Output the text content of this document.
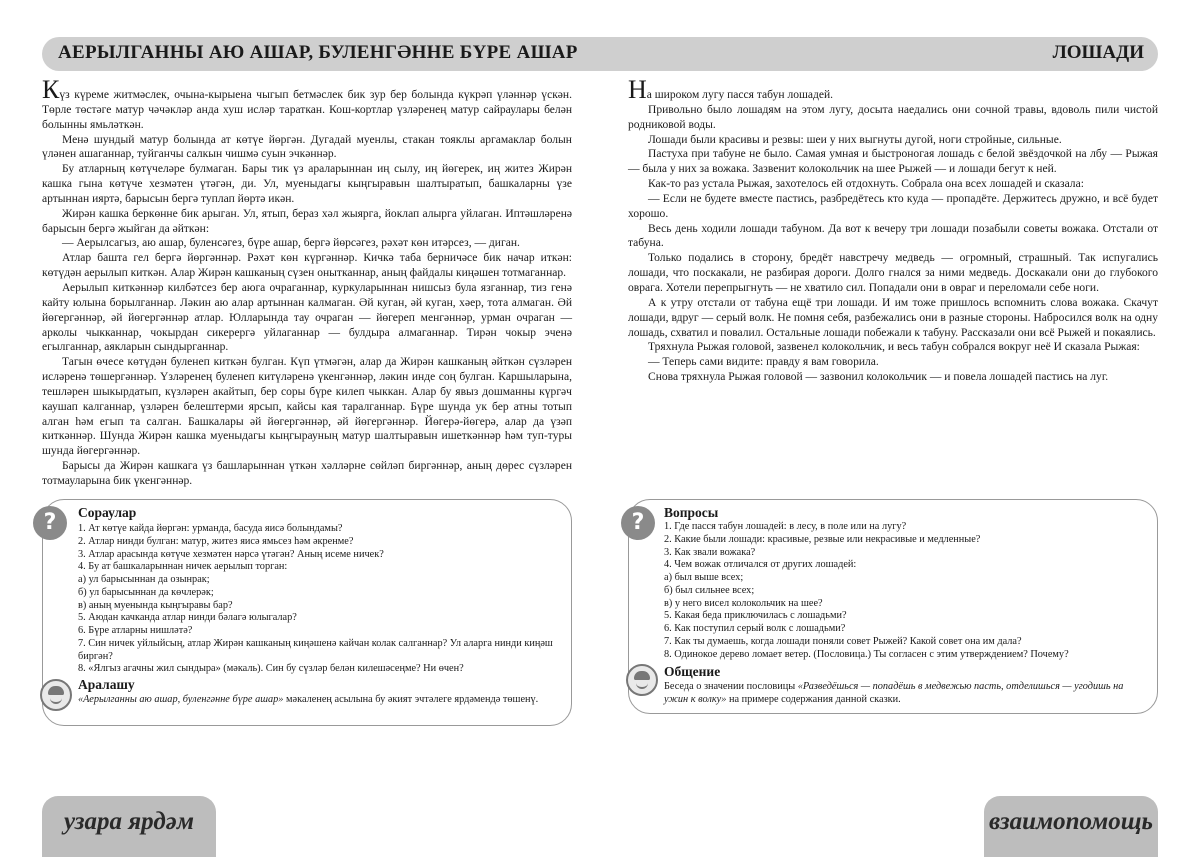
АЕРЫЛГАННЫ АЮ АШАР, БУЛЕНГӘННЕ БҮРЕ АШАР	ЛОШАДИ

Күз күреме житмәслек, очына-кырыена чыгып бетмәслек бик зур бер болында күкрәп үләннәр үскән. Төрле төстәге матур чәчәкләр анда хуш исләр тараткан. Кош-кортлар үзләренең матур сайраулары белән болынны ямьләткән.

Менә шундый матур болында ат көтүе йөргән. Дугадай муенлы, стакан тояклы аргамаклар болын үләнен ашаганнар, туйганчы салкын чишмә суын эчкәннәр.

Бу атларның көтүчеләре булмаган. Бары тик үз араларыннан иң сылу, иң йөгерек, иң житез Жирән кашка гына көтүче хезмәтен үтәгән, ди. Ул, муеныдагы кыңгыравын шалтыратып, башкаларны үзе артыннан ияртә, барысын бергә туплап йөртә икән.

Жирән кашка беркөнне бик арыган. Ул, ятып, бераз хәл жыярга, йоклап алырга уйлаган. Иптәшләренә барысын бергә жыйган да әйткән:

— Аерылсагыз, аю ашар, буленсәгез, бүре ашар, бергә йөрсәгез, рәхәт көн итәрсез, — диган.

Атлар башта гел бергә йөргәннәр. Рәхәт көн күргәннәр. Кичкә таба берничәсе бик начар иткән: көтүдән аерылып киткән. Алар Жирән кашканың сүзен онытканнар, аның файдалы киңәшен тотмаганнар.

Аерылып киткәннәр килбәтсез бер аюга очраганнар, куркуларыннан нишсыз була язганнар, тиз генә кайту юлына борылганнар. Ләкин аю алар артыннан калмаган. Әй куган, әй куган, хәер, тота алмаган. Әй йөгергәннәр, әй йөгергәннәр атлар. Юлларында тау очраган — йөгереп менгәннәр, урман очраган — арколы чыкканнар, чокырдан сикерергә уйлаганнар — булдыра алмаганнар. Тирән чокыр эченә егылганнар, аякларын сындырганнар.

Тагын өчесе көтүдән буленеп киткән булган. Күп үтмәгән, алар да Жирән кашканың әйткән сүзләрен исләренә төшергәннәр. Үзләренең буленеп китүләренә үкенгәннәр, ләкин инде соң булган. Каршыларына, тешләрен шыкырдатып, күзләрен акайтып, бер соры бүре килеп чыккан. Алар бу явыз дошманны күргәч каушап калганнар, үзләрен белештерми ярсып, кайсы кая таралганнар. Бүре шунда ук бер атны тотып алган һәм егып та салган. Башкалары әй йөгергәннәр, әй йөгергәннәр. Йөгерә-йөгерә, алар да үзәп киткәннәр. Шунда Жирән кашка муеныдагы кыңгырауның матур шалтыравын ишеткәннәр һәм туп-туры шунда йөгергәннәр.

Барысы да Жирән кашкага үз башларыннан үткән хәлләрне сөйләп биргәннәр, аның дөрес сүзләрен тотмауларына бик үкенгәннәр.

На широком лугу пасся табун лошадей.

Привольно было лошадям на этом лугу, досыта наедались они сочной травы, вдоволь пили чистой родниковой воды.

Лошади были красивы и резвы: шеи у них выгнуты дугой, ноги стройные, сильные.

Пастуха при табуне не было. Самая умная и быстроногая лошадь с белой звёздочкой на лбу — Рыжая — была у них за вожака. Зазвенит колокольчик на шее Рыжей — и лошади бегут к ней.

Как-то раз устала Рыжая, захотелось ей отдохнуть. Собрала она всех лошадей и сказала:

— Если не будете вместе пастись, разбредётесь кто куда — пропадёте. Держитесь дружно, и всё будет хорошо.

Весь день ходили лошади табуном. Да вот к вечеру три лошади позабыли советы вожака. Отстали от табуна.

Только подались в сторону, бредёт навстречу медведь — огромный, страшный. Так испугались лошади, что поскакали, не разбирая дороги. Долго гнался за ними медведь. Доскакали они до глубокого оврага. Хотели перепрыгнуть — не хватило сил. Попадали они в овраг и переломали себе ноги.

А к утру отстали от табуна ещё три лошади. И им тоже пришлось вспомнить слова вожака. Скачут лошади, вдруг — серый волк. Не помня себя, разбежались они в разные стороны. Набросился волк на одну лошадь, схватил и повалил. Остальные лошади побежали к табуну. Рассказали они всё Рыжей и покаялись.

Тряхнула Рыжая головой, зазвенел колокольчик, и весь табун собрался вокруг неё И сказала Рыжая:

— Теперь сами видите: правду я вам говорила.

Снова тряхнула Рыжая головой — зазвонил колокольчик — и повела лошадей пастись на луг.

?	Сораулар
1. Ат көтүе кайда йөргән: урманда, басуда яисә болындамы?
2. Атлар нинди булган: матур, житез яисә ямьсез һәм әкренме?
3. Атлар арасында көтүче хезмәтен нәрсә үтәгән? Аның исеме ничек?
4. Бу ат башкаларыннан ничек аерылып торган:
а) ул барысыннан да озынрак;
б) ул барысыннан да көчлерәк;
в) аның муенында кыңгыравы бар?
5. Аюдан качканда атлар нинди бәлагә юлыгалар?
6. Бүре атларны нишләтә?
7. Син ничек уйлыйсың, атлар Жирән кашканың киңәшенә кайчан колак салганнар? Ул аларга нинди киңәш биргән?
8. «Ялгыз агачны жил сындыра» (мәкаль). Син бу сүзләр белән килешәсеңме? Ни өчен?
Аралашу
«Аерылганны аю ашар, буленгәнне бүре ашар» мәкаленең асылына бу әкият эчтәлеге ярдәмендә төшенү.
?	Вопросы
1. Где пасся табун лошадей: в лесу, в поле или на лугу?
2. Какие были лошади: красивые, резвые или некрасивые и медленные?
3. Как звали вожака?
4. Чем вожак отличался от других лошадей:
а) был выше всех;
б) был сильнее всех;
в) у него висел колокольчик на шее?
5. Какая беда приключилась с лошадьми?
6. Как поступил серый волк с лошадьми?
7. Как ты думаешь, когда лошади поняли совет Рыжей? Какой совет она им дала?
8. Одинокое дерево ломает ветер. (Пословица.) Ты согласен с этим утверждением? Почему?
Общение
Беседа о значении пословицы «Разведёшься — попадёшь в медвежью пасть, отделишься — угодишь на ужин к волку» на примере содержания данной сказки.
узара ярдәм	взаимопомощь
